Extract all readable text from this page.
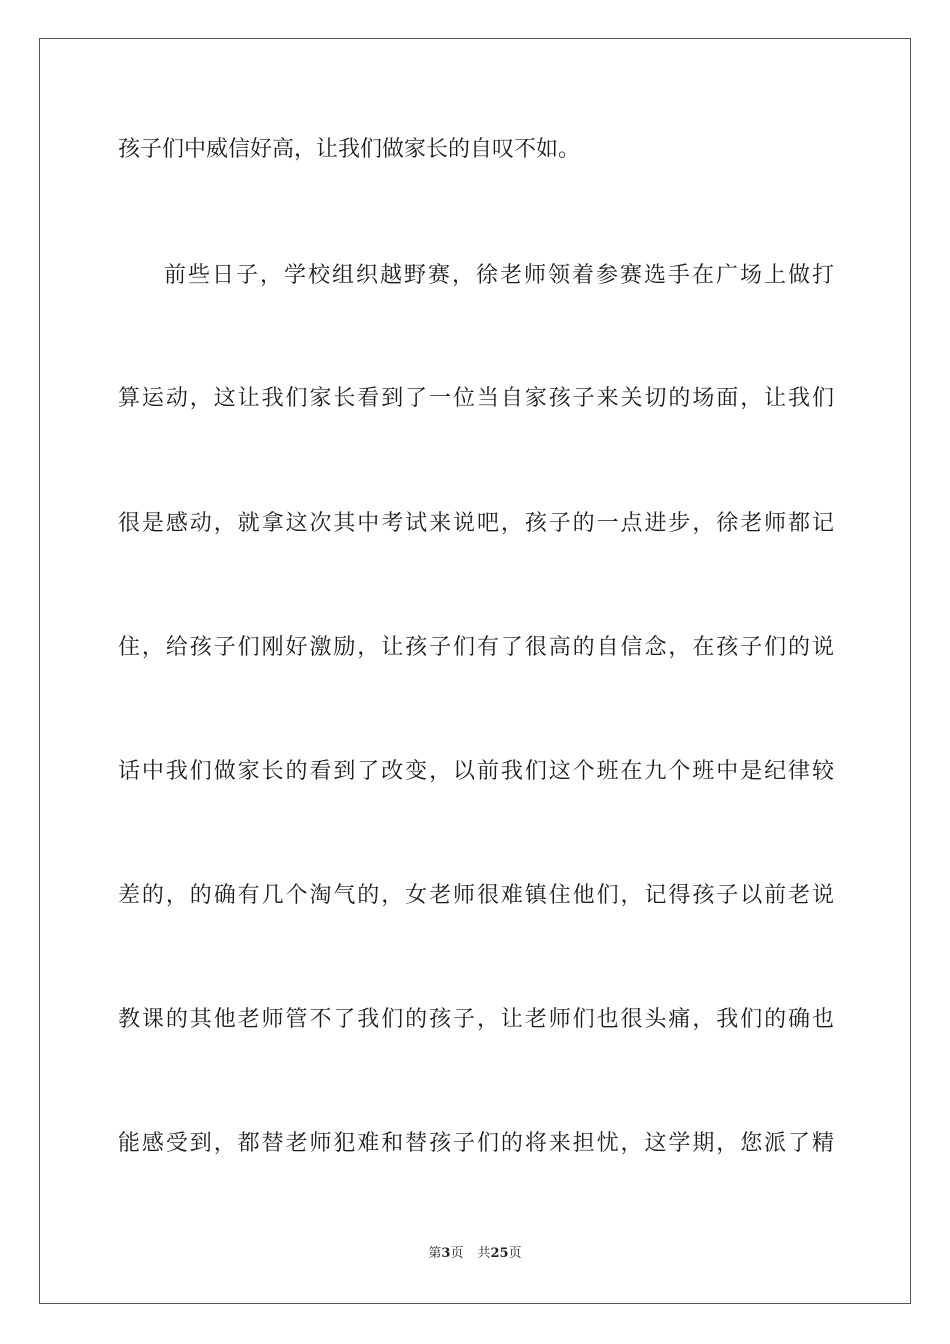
孩子们中威信好高，让我们做家长的自叹不如。
前些日子，学校组织越野赛，徐老师领着参赛选手在广场上做打
算运动，这让我们家长看到了一位当自家孩子来关切的场面，让我们
很是感动，就拿这次其中考试来说吧，孩子的一点进步，徐老师都记
住，给孩子们刚好激励，让孩子们有了很高的自信念，在孩子们的说
话中我们做家长的看到了改变，以前我们这个班在九个班中是纪律较
差的，的确有几个淘气的，女老师很难镇住他们，记得孩子以前老说
教课的其他老师管不了我们的孩子，让老师们也很头痛，我们的确也
能感受到，都替老师犯难和替孩子们的将来担忧，这学期，您派了精
第3页 共25页
